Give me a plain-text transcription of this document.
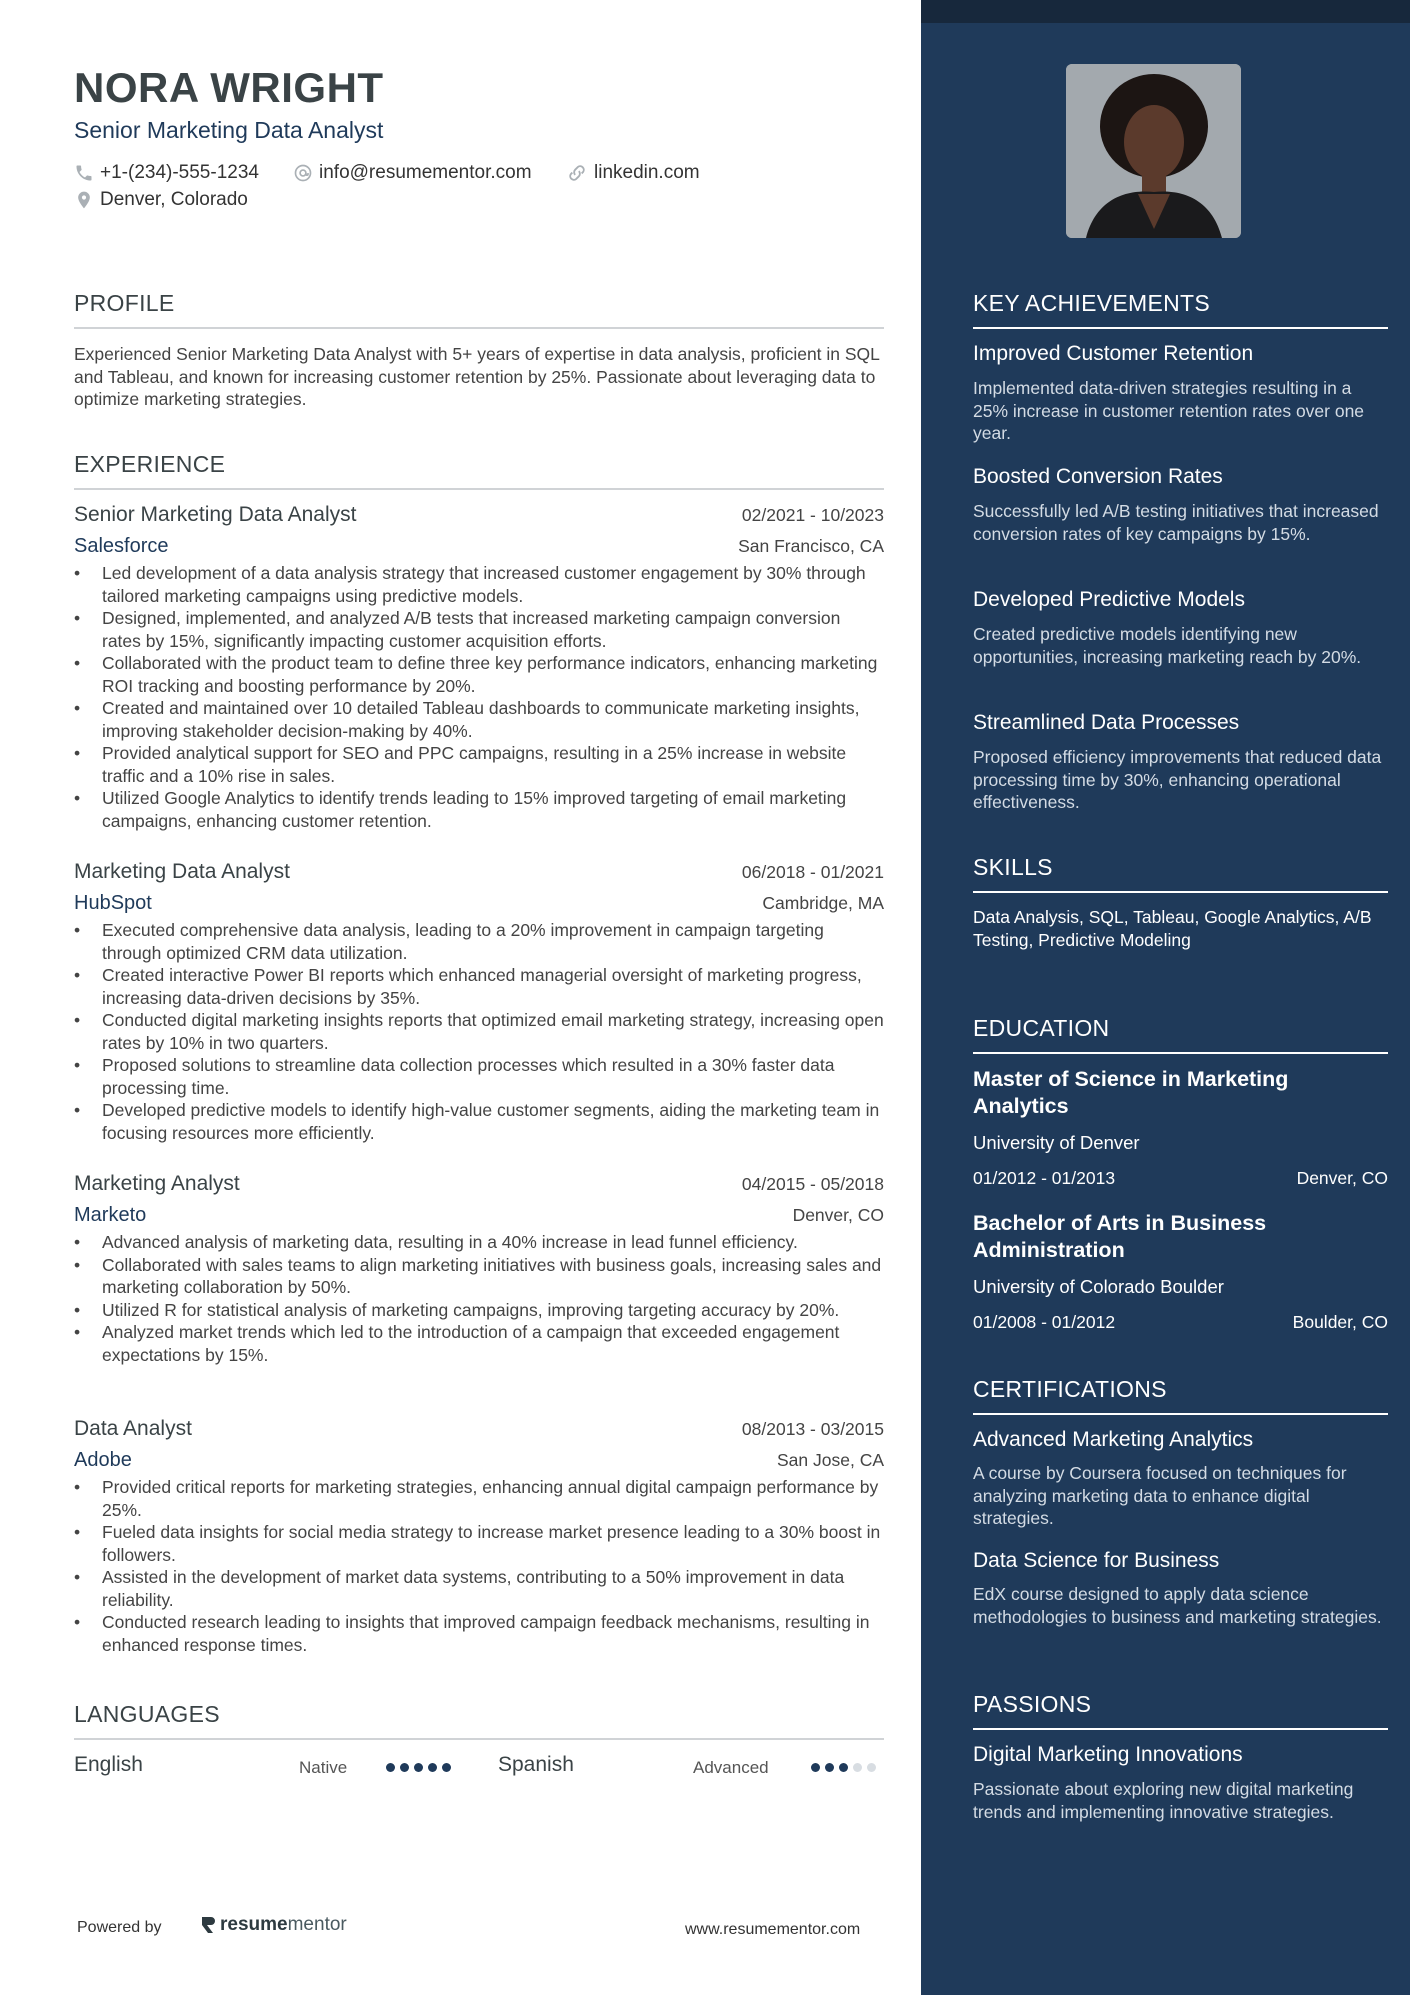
NORA WRIGHT
Senior Marketing Data Analyst
+1-(234)-555-1234	info@resumementor.com	linkedin.com
Denver, Colorado
PROFILE
Experienced Senior Marketing Data Analyst with 5+ years of expertise in data analysis, proficient in SQL and Tableau, and known for increasing customer retention by 25%. Passionate about leveraging data to optimize marketing strategies.
EXPERIENCE
Senior Marketing Data Analyst	02/2021 - 10/2023
Salesforce	San Francisco, CA
• Led development of a data analysis strategy that increased customer engagement by 30% through tailored marketing campaigns using predictive models.
• Designed, implemented, and analyzed A/B tests that increased marketing campaign conversion rates by 15%, significantly impacting customer acquisition efforts.
• Collaborated with the product team to define three key performance indicators, enhancing marketing ROI tracking and boosting performance by 20%.
• Created and maintained over 10 detailed Tableau dashboards to communicate marketing insights, improving stakeholder decision-making by 40%.
• Provided analytical support for SEO and PPC campaigns, resulting in a 25% increase in website traffic and a 10% rise in sales.
• Utilized Google Analytics to identify trends leading to 15% improved targeting of email marketing campaigns, enhancing customer retention.
Marketing Data Analyst	06/2018 - 01/2021
HubSpot	Cambridge, MA
• Executed comprehensive data analysis, leading to a 20% improvement in campaign targeting through optimized CRM data utilization.
• Created interactive Power BI reports which enhanced managerial oversight of marketing progress, increasing data-driven decisions by 35%.
• Conducted digital marketing insights reports that optimized email marketing strategy, increasing open rates by 10% in two quarters.
• Proposed solutions to streamline data collection processes which resulted in a 30% faster data processing time.
• Developed predictive models to identify high-value customer segments, aiding the marketing team in focusing resources more efficiently.
Marketing Analyst	04/2015 - 05/2018
Marketo	Denver, CO
• Advanced analysis of marketing data, resulting in a 40% increase in lead funnel efficiency.
• Collaborated with sales teams to align marketing initiatives with business goals, increasing sales and marketing collaboration by 50%.
• Utilized R for statistical analysis of marketing campaigns, improving targeting accuracy by 20%.
• Analyzed market trends which led to the introduction of a campaign that exceeded engagement expectations by 15%.
Data Analyst	08/2013 - 03/2015
Adobe	San Jose, CA
• Provided critical reports for marketing strategies, enhancing annual digital campaign performance by 25%.
• Fueled data insights for social media strategy to increase market presence leading to a 30% boost in followers.
• Assisted in the development of market data systems, contributing to a 50% improvement in data reliability.
• Conducted research leading to insights that improved campaign feedback mechanisms, resulting in enhanced response times.
LANGUAGES
English	Native	Spanish	Advanced
Powered by	resume mentor	www.resumementor.com
KEY ACHIEVEMENTS
Improved Customer Retention
Implemented data-driven strategies resulting in a 25% increase in customer retention rates over one year.
Boosted Conversion Rates
Successfully led A/B testing initiatives that increased conversion rates of key campaigns by 15%.
Developed Predictive Models
Created predictive models identifying new opportunities, increasing marketing reach by 20%.
Streamlined Data Processes
Proposed efficiency improvements that reduced data processing time by 30%, enhancing operational effectiveness.
SKILLS
Data Analysis, SQL, Tableau, Google Analytics, A/B Testing, Predictive Modeling
EDUCATION
Master of Science in Marketing Analytics
University of Denver
01/2012 - 01/2013	Denver, CO
Bachelor of Arts in Business Administration
University of Colorado Boulder
01/2008 - 01/2012	Boulder, CO
CERTIFICATIONS
Advanced Marketing Analytics
A course by Coursera focused on techniques for analyzing marketing data to enhance digital strategies.
Data Science for Business
EdX course designed to apply data science methodologies to business and marketing strategies.
PASSIONS
Digital Marketing Innovations
Passionate about exploring new digital marketing trends and implementing innovative strategies.
